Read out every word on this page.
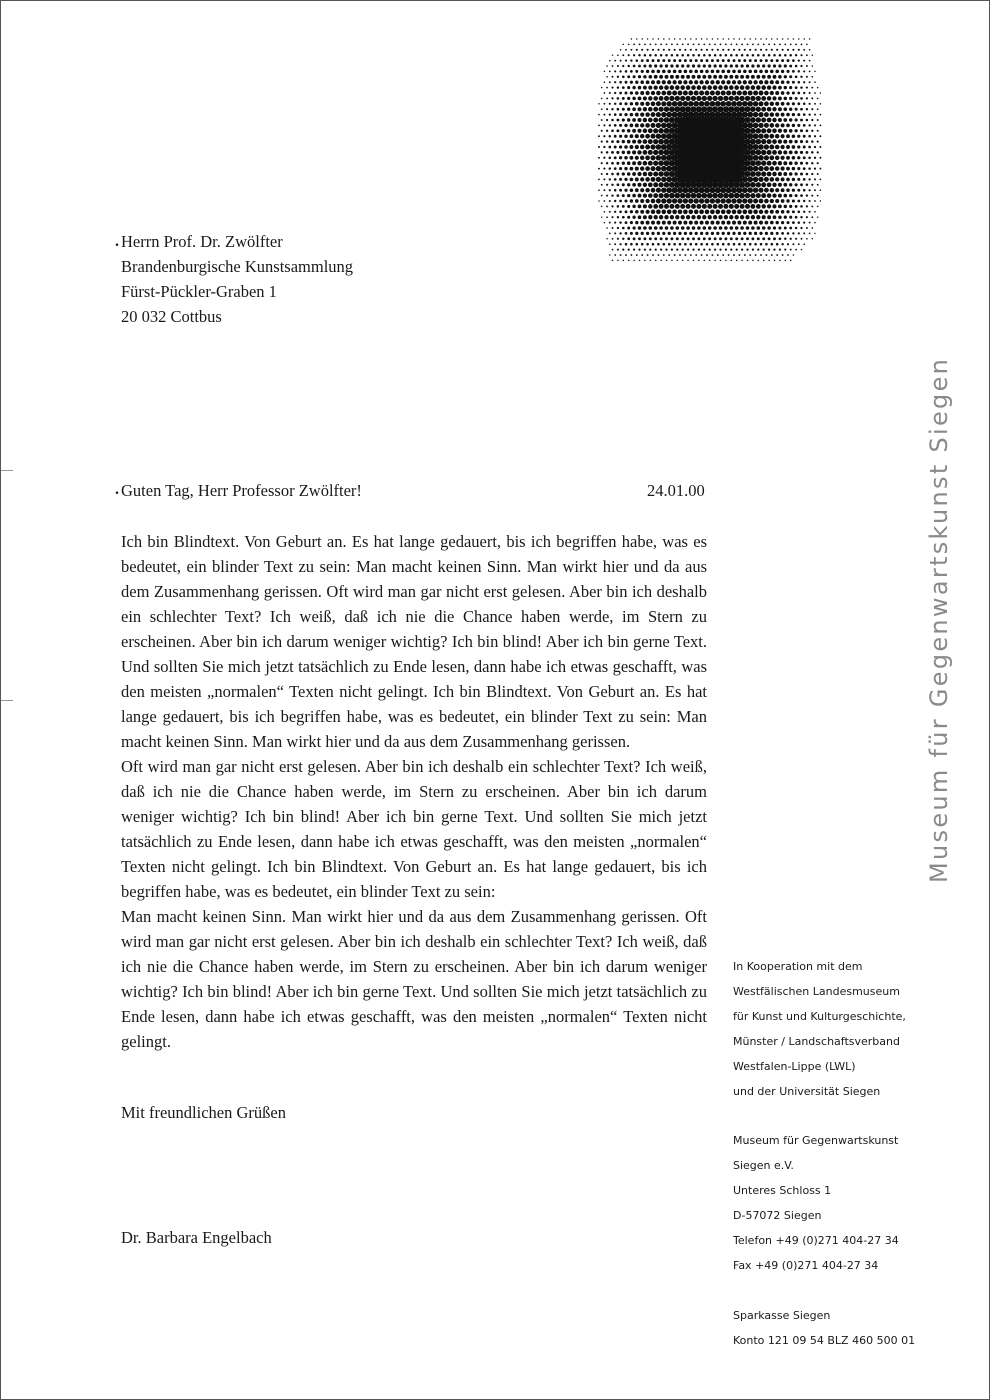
. Herrn Prof. Dr. Zwölfter
Brandenburgische Kunstsammlung
Fürst-Pückler-Graben 1
20 032 Cottbus
. Guten Tag, Herr Professor Zwölfter!	24.01.00

Ich bin Blindtext. Von Geburt an. Es hat lange gedauert, bis ich begriffen habe, was es bedeutet, ein blinder Text zu sein: Man macht keinen Sinn. Man wirkt hier und da aus dem Zusammenhang gerissen. Oft wird man gar nicht erst gelesen. Aber bin ich deshalb ein schlechter Text? Ich weiß, daß ich nie die Chance haben werde, im Stern zu erscheinen. Aber bin ich darum weniger wichtig? Ich bin blind! Aber ich bin gerne Text. Und sollten Sie mich jetzt tatsächlich zu Ende lesen, dann habe ich etwas geschafft, was den meisten „normalen“ Texten nicht gelingt. Ich bin Blindtext. Von Geburt an. Es hat lange gedauert, bis ich begriffen habe, was es bedeutet, ein blinder Text zu sein: Man macht keinen Sinn. Man wirkt hier und da aus dem Zusammenhang gerissen.

Oft wird man gar nicht erst gelesen. Aber bin ich deshalb ein schlechter Text? Ich weiß, daß ich nie die Chance haben werde, im Stern zu erscheinen. Aber bin ich darum weniger wichtig? Ich bin blind! Aber ich bin gerne Text. Und sollten Sie mich jetzt tatsächlich zu Ende lesen, dann habe ich etwas geschafft, was den meisten „normalen“ Texten nicht gelingt. Ich bin Blindtext. Von Geburt an. Es hat lange gedauert, bis ich begriffen habe, was es bedeutet, ein blinder Text zu sein:

Man macht keinen Sinn. Man wirkt hier und da aus dem Zusammenhang gerissen. Oft wird man gar nicht erst gelesen. Aber bin ich deshalb ein schlechter Text? Ich weiß, daß ich nie die Chance haben werde, im Stern zu erscheinen. Aber bin ich darum weniger wichtig? Ich bin blind! Aber ich bin gerne Text. Und sollten Sie mich jetzt tatsächlich zu Ende lesen, dann habe ich etwas geschafft, was den meisten „normalen“ Texten nicht gelingt.

Mit freundlichen Grüßen
Dr. Barbara Engelbach
Museum für Gegenwartskunst Siegen
In Kooperation mit dem
Westfälischen Landesmuseum
für Kunst und Kulturgeschichte,
Münster / Landschaftsverband
Westfalen-Lippe (LWL)
und der Universität Siegen
Museum für Gegenwartskunst
Siegen e.V.
Unteres Schloss 1
D-57072 Siegen
Telefon +49 (0)271 404-27 34
Fax +49 (0)271 404-27 34
Sparkasse Siegen
Konto 121 09 54 BLZ 460 500 01
